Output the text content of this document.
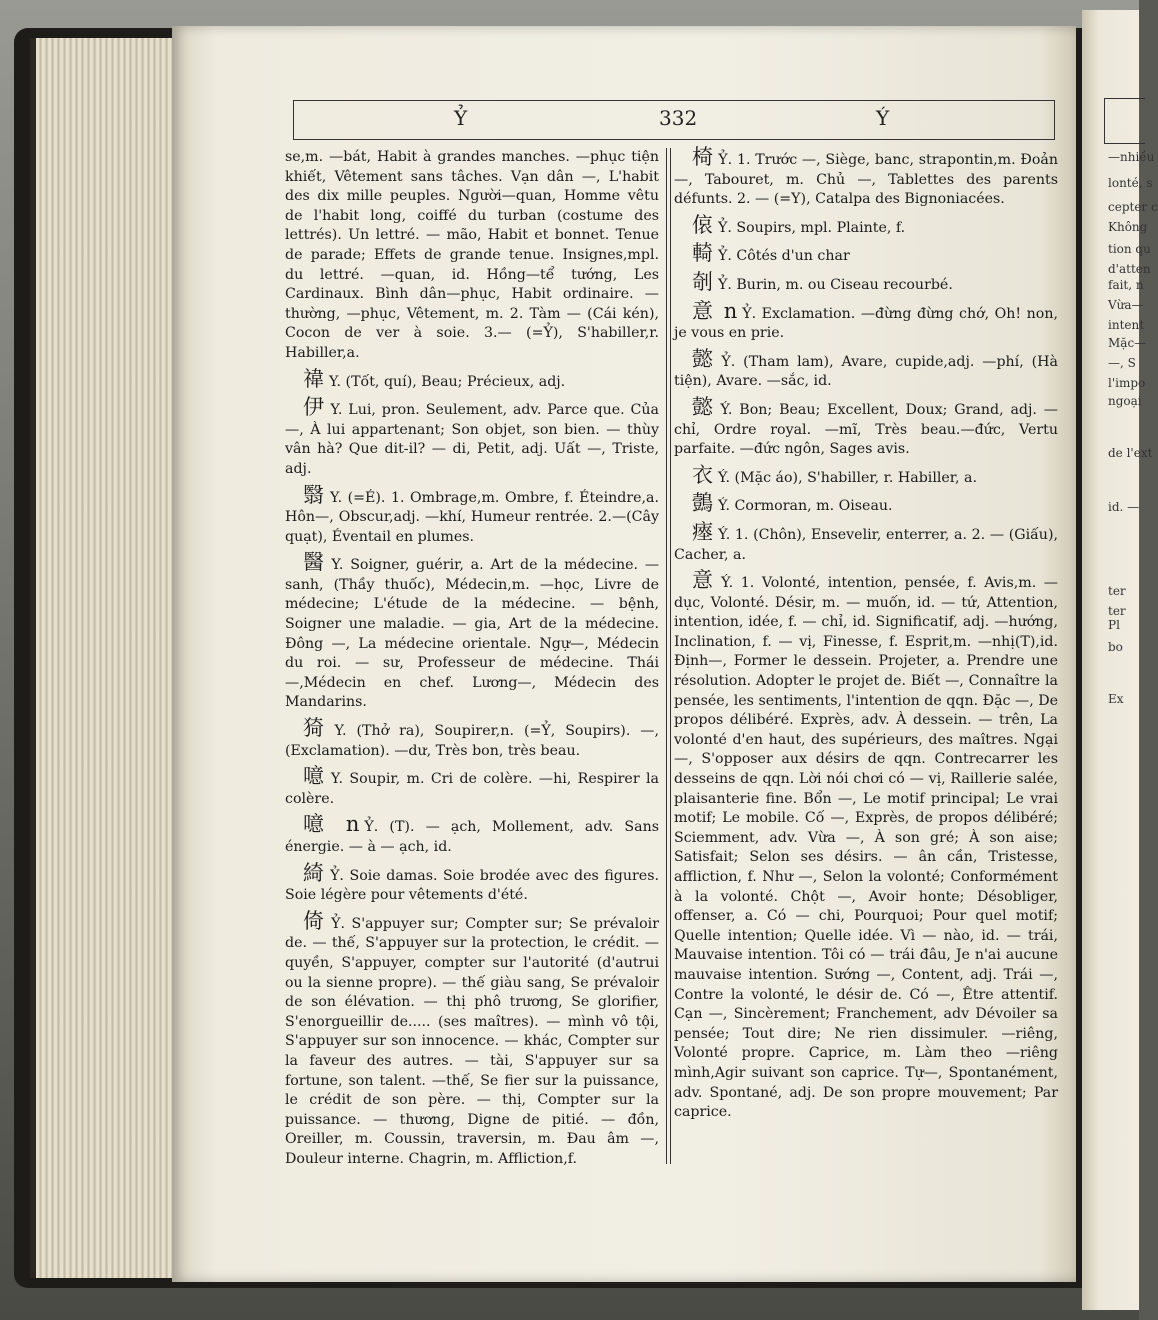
—nhiều
lonté, s
cepter c
Không
tion qu
d'atten
fait, n
Vừa—
intent
Mặc—
—, S
l'impo
ngoại
de l'ext
id. —
ter
ter
Pl
bo
Ex
Ỷ	332	Ý

se,m. —bát, Habit à grandes manches. —phục tiện khiết, Vêtement sans tâches. Vạn dân —, L'habit des dix mille peuples. Người—quan, Homme vêtu de l'habit long, coiffé du turban (costume des lettrés). Un lettré. — mão, Habit et bonnet. Tenue de parade; Effets de grande tenue. Insignes,mpl. du lettré. —quan, id. Hồng—tể tướng, Les Cardinaux. Bình dân—phục, Habit ordinaire. — thường, —phục, Vêtement, m. 2. Tàm — (Cái kén), Cocon de ver à soie. 3.— (=Ỷ), S'habiller,r. Habiller,a.

禕 Y. (Tốt, quí), Beau; Précieux, adj.

伊 Y. Lui, pron. Seulement, adv. Parce que. Của —, À lui appartenant; Son objet, son bien. — thùy vân hà? Que dit-il? — di, Petit, adj. Uất —, Triste, adj.

翳 Y. (=É). 1. Ombrage,m. Ombre, f. Éteindre,a. Hôn—, Obscur,adj. —khí, Humeur rentrée. 2.—(Cây quạt), Éventail en plumes.

醫 Y. Soigner, guérir, a. Art de la médecine. —sanh, (Thầy thuốc), Médecin,m. —học, Livre de médecine; L'étude de la médecine. — bệnh, Soigner une maladie. — gia, Art de la médecine. Đông —, La médecine orientale. Ngự—, Médecin du roi. — sư, Professeur de médecine. Thái—,Médecin en chef. Lương—, Médecin des Mandarins.

猗 Y. (Thở ra), Soupirer,n. (=Ỷ, Soupirs). —, (Exclamation). —dư, Très bon, très beau.

噫 Y. Soupir, m. Cri de colère. —hi, Respirer la colère.

噫 n Ỷ. (T). — ạch, Mollement, adv. Sans énergie. — à — ạch, id.

綺 Ỷ. Soie damas. Soie brodée avec des figures. Soie légère pour vêtements d'été.

倚 Ỷ. S'appuyer sur; Compter sur; Se prévaloir de. — thế, S'appuyer sur la protection, le crédit. — quyền, S'appuyer, compter sur l'autorité (d'autrui ou la sienne propre). — thế giàu sang, Se prévaloir de son élévation. — thị phô trương, Se glorifier, S'enorgueillir de..... (ses maîtres). — mình vô tội, S'appuyer sur son innocence. — khác, Compter sur la faveur des autres. — tài, S'appuyer sur sa fortune, son talent. —thế, Se fier sur la puissance, le crédit de son père. — thị, Compter sur la puissance. — thương, Digne de pitié. — đồn, Oreiller, m. Coussin, traversin, m. Đau âm —, Douleur interne. Chagrin, m. Affliction,f.

椅 Ỷ. 1. Trước —, Siège, banc, strapontin,m. Đoản—, Tabouret, m. Chủ —, Tablettes des parents défunts. 2. — (=Y), Catalpa des Bignoniacées.

偯 Ỷ. Soupirs, mpl. Plainte, f.

輢 Ỷ. Côtés d'un char

剞 Ỷ. Burin, m. ou Ciseau recourbé.

意 n Ỷ. Exclamation. —đừng đừng chớ, Oh! non, je vous en prie.

懿 Ỷ. (Tham lam), Avare, cupide,adj. —phí, (Hà tiện), Avare. —sắc, id.

懿 Ý. Bon; Beau; Excellent, Doux; Grand, adj. —chỉ, Ordre royal. —mĩ, Très beau.—đức, Vertu parfaite. —đức ngôn, Sages avis.

衣 Ý. (Mặc áo), S'habiller, r. Habiller, a.

鷧 Ý. Cormoran, m. Oiseau.

瘞 Ý. 1. (Chôn), Ensevelir, enterrer, a. 2. — (Giấu), Cacher, a.

意 Ý. 1. Volonté, intention, pensée, f. Avis,m. — dục, Volonté. Désir, m. — muốn, id. — tứ, Attention, intention, idée, f. — chỉ, id. Significatif, adj. —hướng, Inclination, f. — vị, Finesse, f. Esprit,m. —nhị(T),id. Định—, Former le dessein. Projeter, a. Prendre une résolution. Adopter le projet de. Biết —, Connaître la pensée, les sentiments, l'intention de qqn. Đặc —, De propos délibéré. Exprès, adv. À dessein. — trên, La volonté d'en haut, des supérieurs, des maîtres. Ngại —, S'opposer aux désirs de qqn. Contrecarrer les desseins de qqn. Lời nói chơi có — vị, Raillerie salée, plaisanterie fine. Bổn —, Le motif principal; Le vrai motif; Le mobile. Cố —, Exprès, de propos délibéré; Sciemment, adv. Vừa —, À son gré; À son aise; Satisfait; Selon ses désirs. — ân cần, Tristesse, affliction, f. Như —, Selon la volonté; Conformément à la volonté. Chột —, Avoir honte; Désobliger, offenser, a. Có — chi, Pourquoi; Pour quel motif; Quelle intention; Quelle idée. Vì — nào, id. — trái, Mauvaise intention. Tôi có — trái đâu, Je n'ai aucune mauvaise intention. Sướng —, Content, adj. Trái —, Contre la volonté, le désir de. Có —, Être attentif. Cạn —, Sincèrement; Franchement, adv Dévoiler sa pensée; Tout dire; Ne rien dissimuler. —riêng, Volonté propre. Caprice, m. Làm theo —riêng mình,Agir suivant son caprice. Tự—, Spontanément, adv. Spontané, adj. De son propre mouvement; Par caprice.
